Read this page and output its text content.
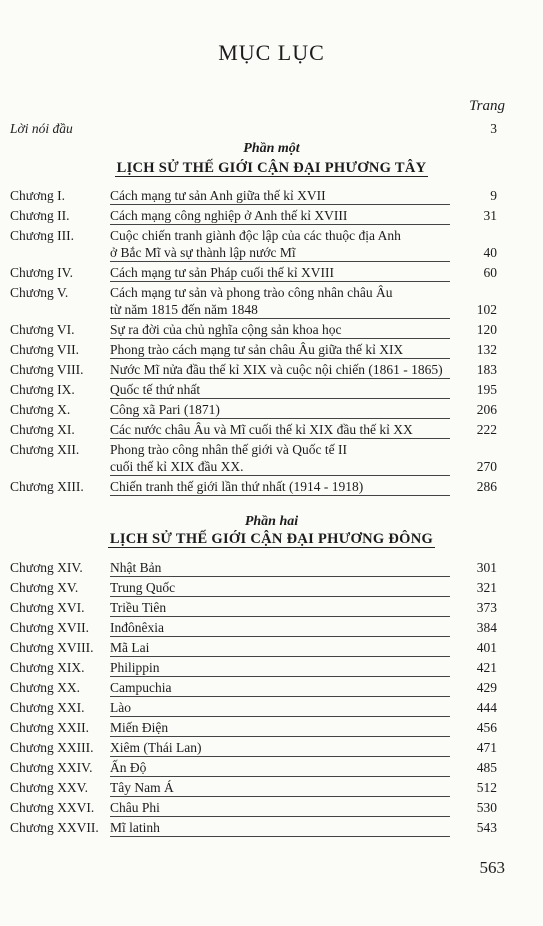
MỤC LỤC
Trang
Lời nói đầu	3
Phần một
LỊCH SỬ THẾ GIỚI CẬN ĐẠI PHƯƠNG TÂY
Chương I.	Cách mạng tư sản Anh giữa thế kỉ XVII	9
Chương II.	Cách mạng công nghiệp ở Anh thế kỉ XVIII	31
Chương III.	Cuộc chiến tranh giành độc lập của các thuộc địa Anh
ở Bắc Mĩ và sự thành lập nước Mĩ	40
Chương IV.	Cách mạng tư sản Pháp cuối thế kỉ XVIII	60
Chương V.	Cách mạng tư sản và phong trào công nhân châu Âu
từ năm 1815 đến năm 1848	102
Chương VI.	Sự ra đời của chủ nghĩa cộng sản khoa học	120
Chương VII. Phong trào cách mạng tư sản châu Âu giữa thế kỉ XIX	132
Chương VIII. Nước Mĩ nửa đầu thế kỉ XIX và cuộc nội chiến (1861 - 1865)	183
Chương IX.	Quốc tế thứ nhất	195
Chương X.	Công xã Pari (1871)	206
Chương XI.	Các nước châu Âu và Mĩ cuối thế kỉ XIX đầu thế kỉ XX	222
Chương XII. Phong trào công nhân thế giới và Quốc tế II
cuối thế kỉ XIX đầu XX.	270
Chương XIII. Chiến tranh thế giới lần thứ nhất (1914 - 1918)	286
Phần hai
LỊCH SỬ THẾ GIỚI CẬN ĐẠI PHƯƠNG ĐÔNG
Chương XIV. Nhật Bản	301
Chương XV. Trung Quốc	321
Chương XVI. Triều Tiên	373
Chương XVII. Inđônêxia	384
Chương XVIII. Mã Lai	401
Chương XIX. Philippin	421
Chương XX. Campuchia	429
Chương XXI. Lào	444
Chương XXII. Miến Điện	456
Chương XXIII. Xiêm (Thái Lan)	471
Chương XXIV. Ấn Độ	485
Chương XXV. Tây Nam Á	512
Chương XXVI. Châu Phi	530
Chương XXVII. Mĩ latinh	543
563
